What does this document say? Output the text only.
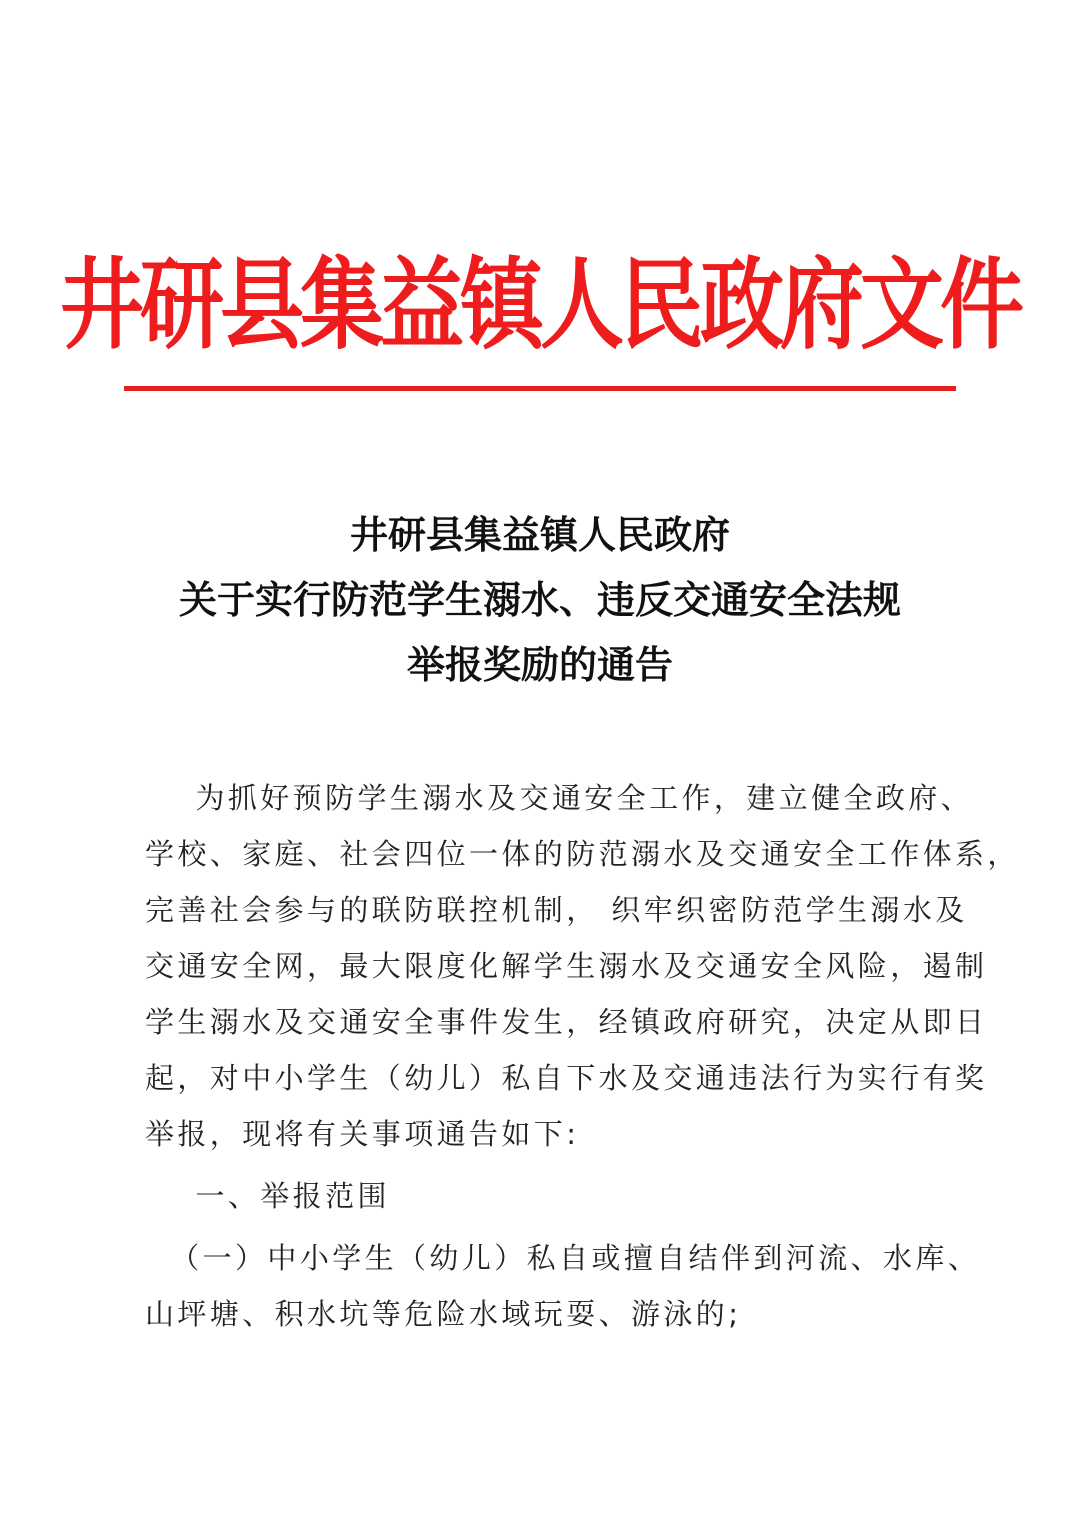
井研县集益镇人民政府文件
井研县集益镇人民政府
关于实行防范学生溺水、违反交通安全法规
举报奖励的通告

为抓好预防学生溺水及交通安全工作，建立健全政府、

学校、家庭、社会四位一体的防范溺水及交通安全工作体系，

完善社会参与的联防联控机制， 织牢织密防范学生溺水及

交通安全网，最大限度化解学生溺水及交通安全风险，遏制

学生溺水及交通安全事件发生，经镇政府研究，决定从即日

起，对中小学生（幼儿）私自下水及交通违法行为实行有奖

举报，现将有关事项通告如下:

一、举报范围

（一）中小学生（幼儿）私自或擅自结伴到河流、水库、

山坪塘、积水坑等危险水域玩耍、游泳的;
